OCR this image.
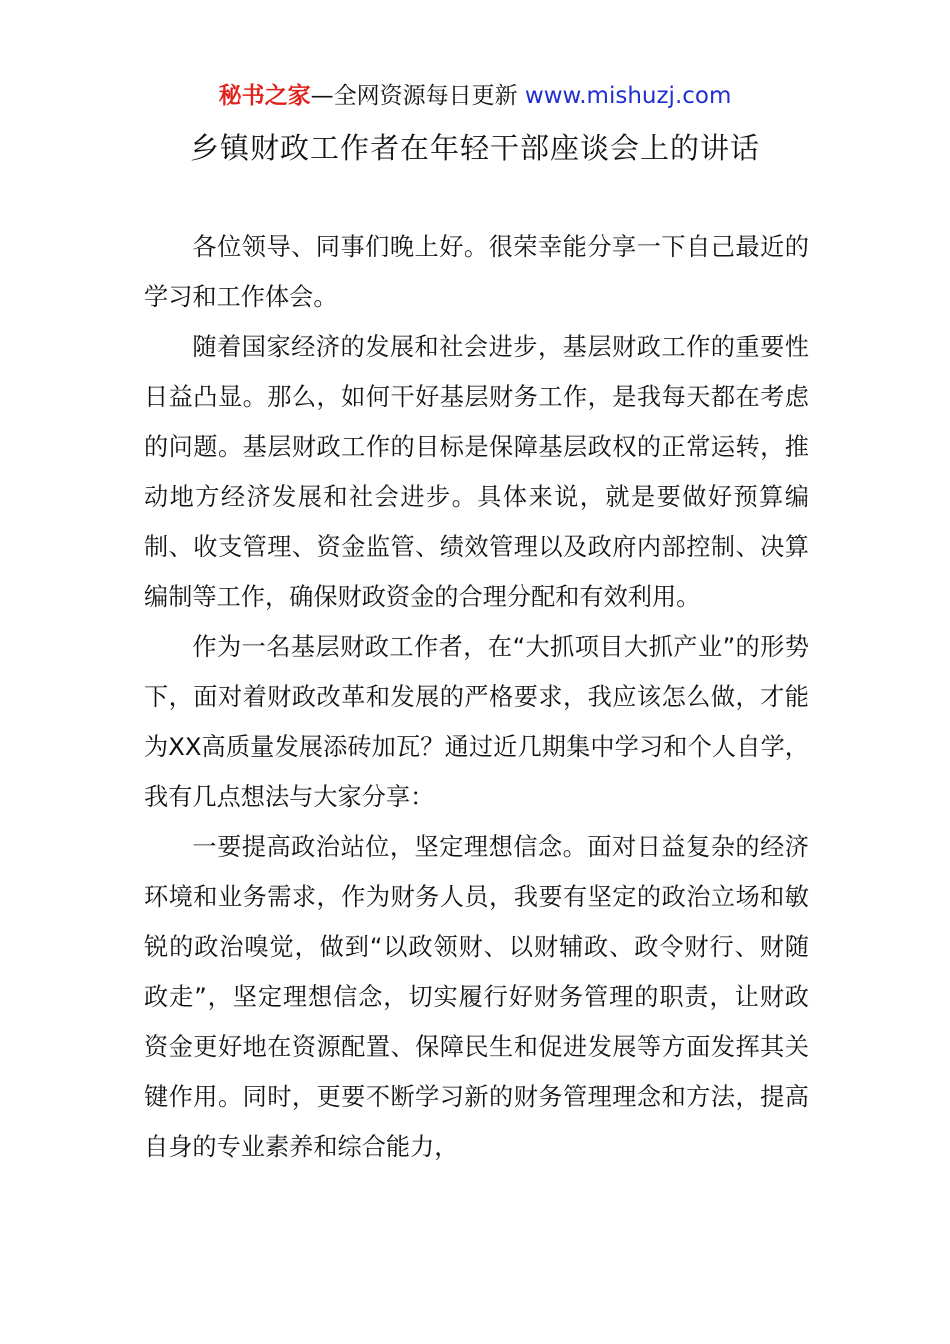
秘书之家—全网资源每日更新 www.mishuzj.com
乡镇财政工作者在年轻干部座谈会上的讲话

各位领导、同事们晚上好。很荣幸能分享一下自己最近的学习和工作体会。

随着国家经济的发展和社会进步，基层财政工作的重要性日益凸显。那么，如何干好基层财务工作，是我每天都在考虑的问题。基层财政工作的目标是保障基层政权的正常运转，推动地方经济发展和社会进步。具体来说，就是要做好预算编制、收支管理、资金监管、绩效管理以及政府内部控制、决算编制等工作，确保财政资金的合理分配和有效利用。

作为一名基层财政工作者，在“大抓项目大抓产业”的形势下，面对着财政改革和发展的严格要求，我应该怎么做，才能为XX高质量发展添砖加瓦？通过近几期集中学习和个人自学，我有几点想法与大家分享：

一要提高政治站位，坚定理想信念。面对日益复杂的经济环境和业务需求，作为财务人员，我要有坚定的政治立场和敏锐的政治嗅觉，做到“以政领财、以财辅政、政令财行、财随政走”，坚定理想信念，切实履行好财务管理的职责，让财政资金更好地在资源配置、保障民生和促进发展等方面发挥其关键作用。同时，更要不断学习新的财务管理理念和方法，提高自身的专业素养和综合能力，
